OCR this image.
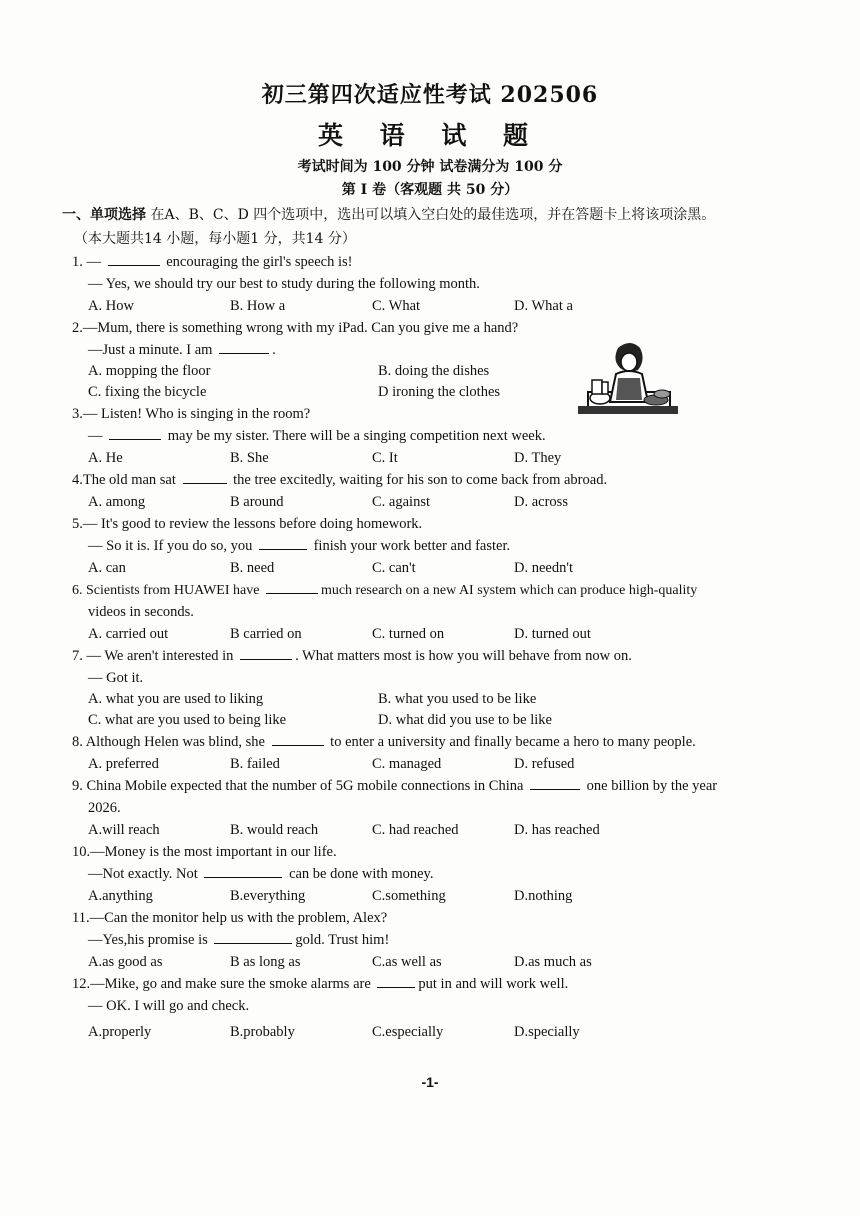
初三第四次适应性考试 202506
英 语 试 题
考试时间为 100 分钟 试卷满分为 100 分
第 I 卷（客观题 共 50 分）
一、单项选择 在A、B、C、D 四个选项中，选出可以填入空白处的最佳选项，并在答题卡上将该项涂黑。
（本大题共14 小题，每小题1 分，共14 分）
1. —	encouraging the girl's speech is!
— Yes, we should try our best to study during the following month.
A. How	B. How a	C. What	D. What a
2.—Mum, there is something wrong with my iPad. Can you give me a hand?
—Just a minute. I am	.
A. mopping the floor	B. doing the dishes
C. fixing the bicycle	D ironing the clothes
3.— Listen! Who is singing in the room?
—	may be my sister. There will be a singing competition next week.
A. He	B. She	C. It	D. They
4.The old man sat	the tree excitedly, waiting for his son to come back from abroad.
A. among	B around	C. against	D. across
5.— It's good to review the lessons before doing homework.
— So it is. If you do so, you	finish your work better and faster.
A. can	B. need	C. can't	D. needn't
6. Scientists from HUAWEI have	much research on a new AI system which can produce high-quality
videos in seconds.
A. carried out	B carried on	C. turned on	D. turned out
7. — We aren't interested in	. What matters most is how you will behave from now on.
— Got it.
A. what you are used to liking	B. what you used to be like
C. what are you used to being like	D. what did you use to be like
8. Although Helen was blind, she	to enter a university and finally became a hero to many people.
A. preferred	B. failed	C. managed	D. refused
9. China Mobile expected that the number of 5G mobile connections in China	one billion by the year
2026.
A.will reach	B. would reach	C. had reached	D. has reached
10.—Money is the most important in our life.
—Not exactly. Not	can be done with money.
A.anything	B.everything	C.something	D.nothing
11.—Can the monitor help us with the problem, Alex?
—Yes,his promise is	gold. Trust him!
A.as good as	B as long as	C.as well as	D.as much as
12.—Mike, go and make sure the smoke alarms are	put in and will work well.
— OK. I will go and check.
A.properly	B.probably	C.especially	D.specially
-1-
